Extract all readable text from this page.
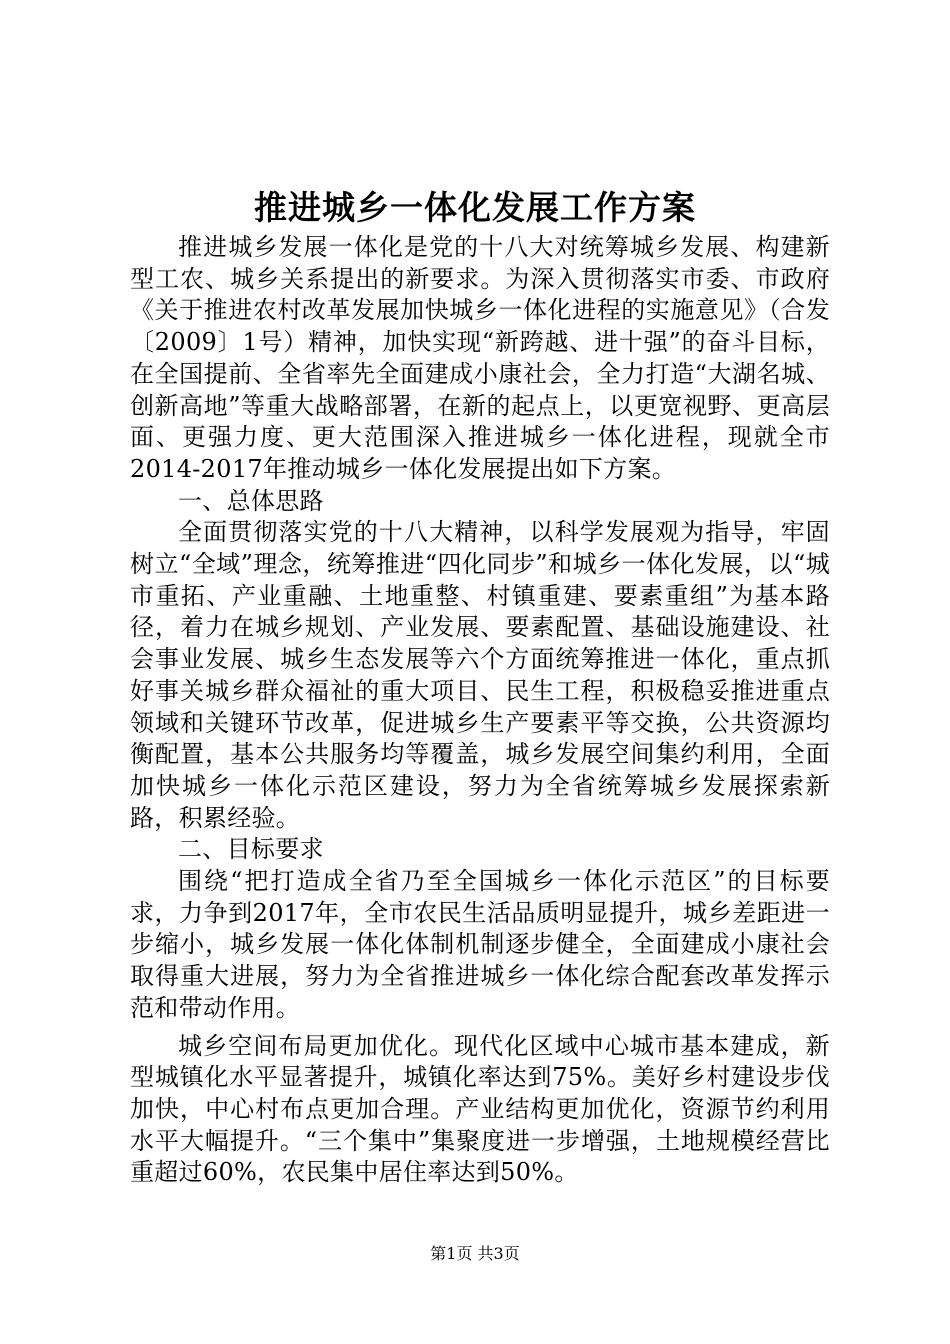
推进城乡一体化发展工作方案

推进城乡发展一体化是党的十八大对统筹城乡发展、构建新型工农、城乡关系提出的新要求。为深入贯彻落实市委、市政府《关于推进农村改革发展加快城乡一体化进程的实施意见》（合发〔2009〕1号）精神，加快实现“新跨越、进十强”的奋斗目标，在全国提前、全省率先全面建成小康社会，全力打造“大湖名城、创新高地”等重大战略部署，在新的起点上，以更宽视野、更高层面、更强力度、更大范围深入推进城乡一体化进程，现就全市2014-2017年推动城乡一体化发展提出如下方案。

一、总体思路

全面贯彻落实党的十八大精神，以科学发展观为指导，牢固树立“全域”理念，统筹推进“四化同步”和城乡一体化发展，以“城市重拓、产业重融、土地重整、村镇重建、要素重组”为基本路径，着力在城乡规划、产业发展、要素配置、基础设施建设、社会事业发展、城乡生态发展等六个方面统筹推进一体化，重点抓好事关城乡群众福祉的重大项目、民生工程，积极稳妥推进重点领域和关键环节改革，促进城乡生产要素平等交换，公共资源均衡配置，基本公共服务均等覆盖，城乡发展空间集约利用，全面加快城乡一体化示范区建设，努力为全省统筹城乡发展探索新路，积累经验。

二、目标要求

围绕“把打造成全省乃至全国城乡一体化示范区”的目标要求，力争到2017年，全市农民生活品质明显提升，城乡差距进一步缩小，城乡发展一体化体制机制逐步健全，全面建成小康社会取得重大进展，努力为全省推进城乡一体化综合配套改革发挥示范和带动作用。

城乡空间布局更加优化。现代化区域中心城市基本建成，新型城镇化水平显著提升，城镇化率达到75%。美好乡村建设步伐加快，中心村布点更加合理。产业结构更加优化，资源节约利用水平大幅提升。“三个集中”集聚度进一步增强，土地规模经营比重超过60%，农民集中居住率达到50%。

第1页 共3页
